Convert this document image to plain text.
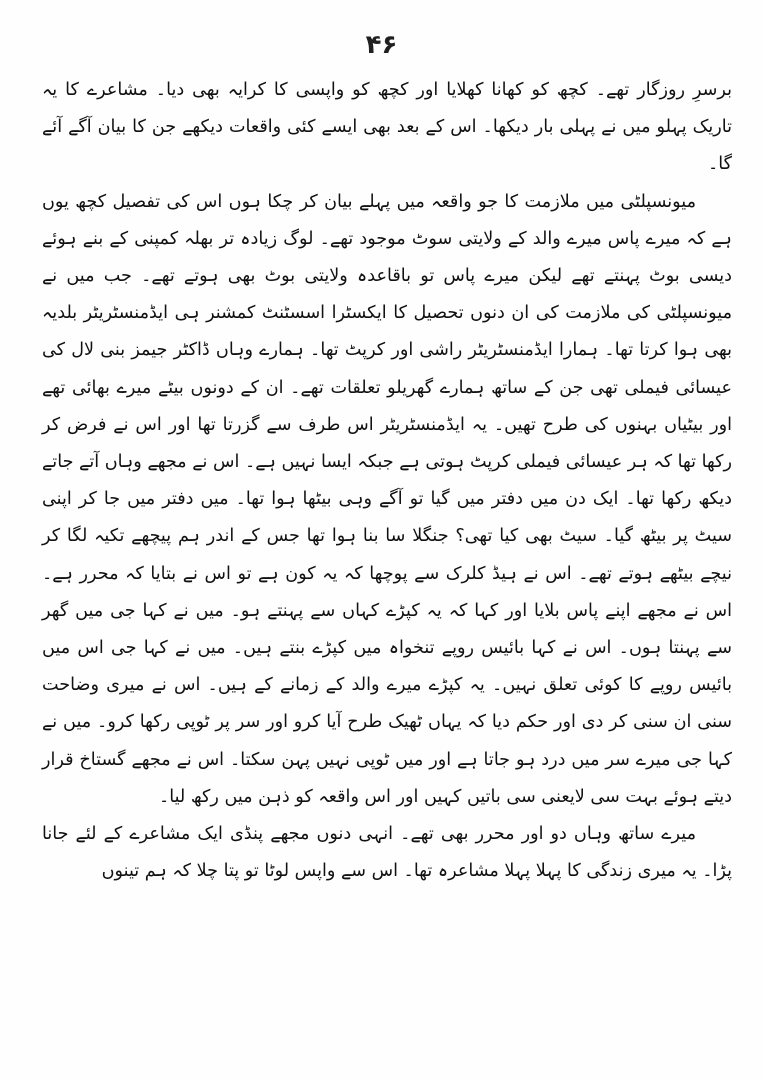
۴۶

برسرِ روزگار تھے۔ کچھ کو کھانا کھلایا اور کچھ کو واپسی کا کرایہ بھی دیا۔ مشاعرے کا یہ تاریک پہلو میں نے پہلی بار دیکھا۔ اس کے بعد بھی ایسے کئی واقعات دیکھے جن کا بیان آگے آئے گا۔

میونسپلٹی میں ملازمت کا جو واقعہ میں پہلے بیان کر چکا ہوں اس کی تفصیل کچھ یوں ہے کہ میرے پاس میرے والد کے ولایتی سوٹ موجود تھے۔ لوگ زیادہ تر بھلہ کمپنی کے بنے ہوئے دیسی بوٹ پہنتے تھے لیکن میرے پاس تو باقاعدہ ولایتی بوٹ بھی ہوتے تھے۔ جب میں نے میونسپلٹی کی ملازمت کی ان دنوں تحصیل کا ایکسٹرا اسسٹنٹ کمشنر ہی ایڈمنسٹریٹر بلدیہ بھی ہوا کرتا تھا۔ ہمارا ایڈمنسٹریٹر راشی اور کرپٹ تھا۔ ہمارے وہاں ڈاکٹر جیمز بنی لال کی عیسائی فیملی تھی جن کے ساتھ ہمارے گھریلو تعلقات تھے۔ ان کے دونوں بیٹے میرے بھائی تھے اور بیٹیاں بہنوں کی طرح تھیں۔ یہ ایڈمنسٹریٹر اس طرف سے گزرتا تھا اور اس نے فرض کر رکھا تھا کہ ہر عیسائی فیملی کرپٹ ہوتی ہے جبکہ ایسا نہیں ہے۔ اس نے مجھے وہاں آتے جاتے دیکھ رکھا تھا۔ ایک دن میں دفتر میں گیا تو آگے وہی بیٹھا ہوا تھا۔ میں دفتر میں جا کر اپنی سیٹ پر بیٹھ گیا۔ سیٹ بھی کیا تھی؟ جنگلا سا بنا ہوا تھا جس کے اندر ہم پیچھے تکیہ لگا کر نیچے بیٹھے ہوتے تھے۔ اس نے ہیڈ کلرک سے پوچھا کہ یہ کون ہے تو اس نے بتایا کہ محرر ہے۔ اس نے مجھے اپنے پاس بلایا اور کہا کہ یہ کپڑے کہاں سے پہنتے ہو۔ میں نے کہا جی میں گھر سے پہنتا ہوں۔ اس نے کہا بائیس روپے تنخواہ میں کپڑے بنتے ہیں۔ میں نے کہا جی اس میں بائیس روپے کا کوئی تعلق نہیں۔ یہ کپڑے میرے والد کے زمانے کے ہیں۔ اس نے میری وضاحت سنی ان سنی کر دی اور حکم دیا کہ یہاں ٹھیک طرح آیا کرو اور سر پر ٹوپی رکھا کرو۔ میں نے کہا جی میرے سر میں درد ہو جاتا ہے اور میں ٹوپی نہیں پہن سکتا۔ اس نے مجھے گستاخ قرار دیتے ہوئے بہت سی لایعنی سی باتیں کہیں اور اس واقعہ کو ذہن میں رکھ لیا۔

میرے ساتھ وہاں دو اور محرر بھی تھے۔ انہی دنوں مجھے پنڈی ایک مشاعرے کے لئے جانا پڑا۔ یہ میری زندگی کا پہلا پہلا مشاعرہ تھا۔ اس سے واپس لوٹا تو پتا چلا کہ ہم تینوں
